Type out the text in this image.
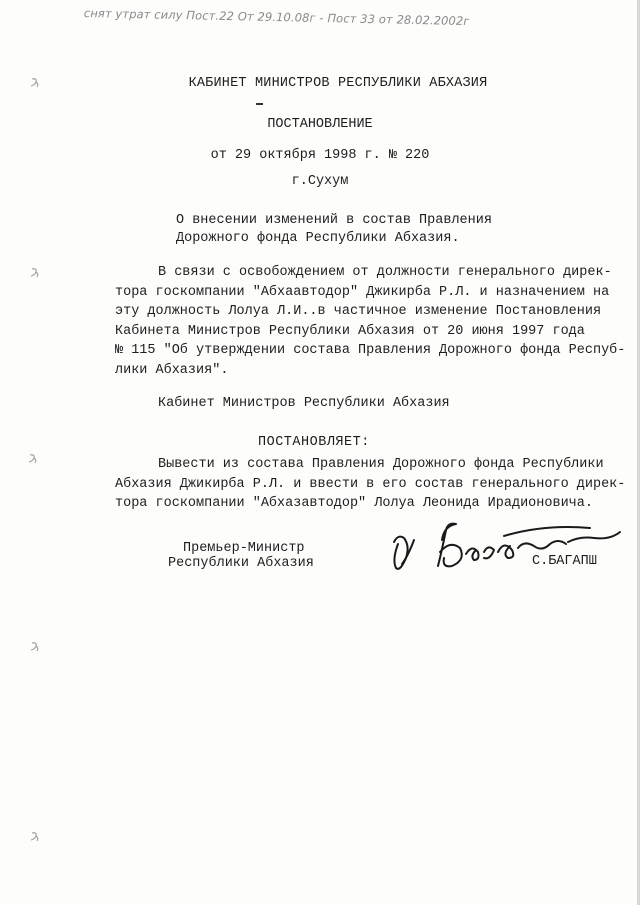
снят утрат силу Пост.22 От 29.10.08г - Пост 33 от 28.02.2002г
КАБИНЕТ МИНИСТРОВ РЕСПУБЛИКИ АБХАЗИЯ
ПОСТАНОВЛЕНИЕ
от 29 октября 1998 г. № 220
г.Сухум
О внесении изменений в состав Правления
Дорожного фонда Республики Абхазия.
В связи с освобождением от должности генерального дирек-
тора госкомпании "Абхаавтодор" Джикирба Р.Л. и назначением на
эту должность Лолуа Л.И..в частичное изменение Постановления
Кабинета Министров Республики Абхазия от 20 июня 1997 года
№ 115 "Об утверждении состава Правления Дорожного фонда Респуб-
лики Абхазия".
Кабинет Министров Республики Абхазия
ПОСТАНОВЛЯЕТ:
Вывести из состава Правления Дорожного фонда Республики
Абхазия Джикирба Р.Л. и ввести в его состав генерального дирек-
тора госкомпании "Абхазавтодор" Лолуа Леонида Ирадионовича.
Премьер-Министр
Республики Абхазия	С.БАГАПШ
